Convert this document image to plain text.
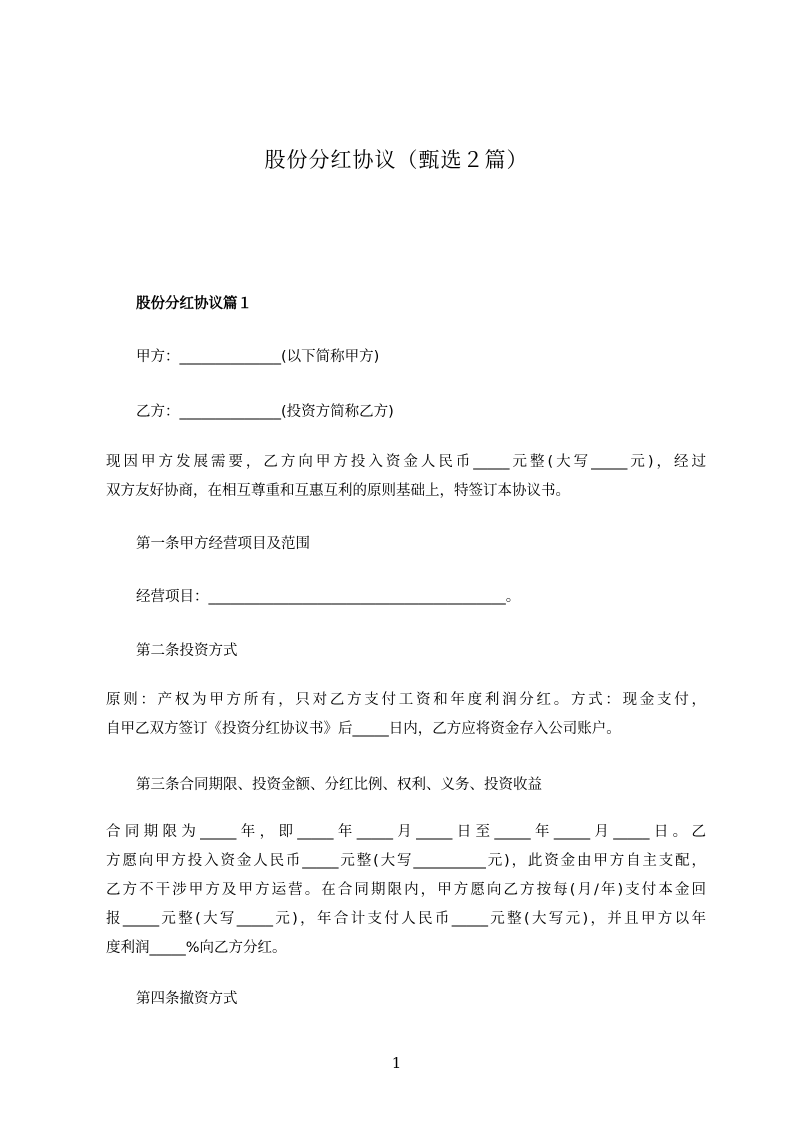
股份分红协议（甄选２篇）
股份分红协议篇１
甲方：______________(以下简称甲方)
乙方：______________(投资方简称乙方)
现因甲方发展需要，乙方向甲方投入资金人民币_____元整(大写_____元)，经过
双方友好协商，在相互尊重和互惠互利的原则基础上，特签订本协议书。
第一条甲方经营项目及范围
经营项目：_________________________________________。
第二条投资方式
原则：产权为甲方所有，只对乙方支付工资和年度利润分红。方式：现金支付，
自甲乙双方签订《投资分红协议书》后_____日内，乙方应将资金存入公司账户。
第三条合同期限、投资金额、分红比例、权利、义务、投资收益
合同期限为_____年，即_____年_____月_____日至_____年_____月_____日。乙
方愿向甲方投入资金人民币_____元整(大写__________元)，此资金由甲方自主支配，
乙方不干涉甲方及甲方运营。在合同期限内，甲方愿向乙方按每(月/年)支付本金回
报_____元整(大写_____元)，年合计支付人民币_____元整(大写元)，并且甲方以年
度利润_____%向乙方分红。
第四条撤资方式
1
